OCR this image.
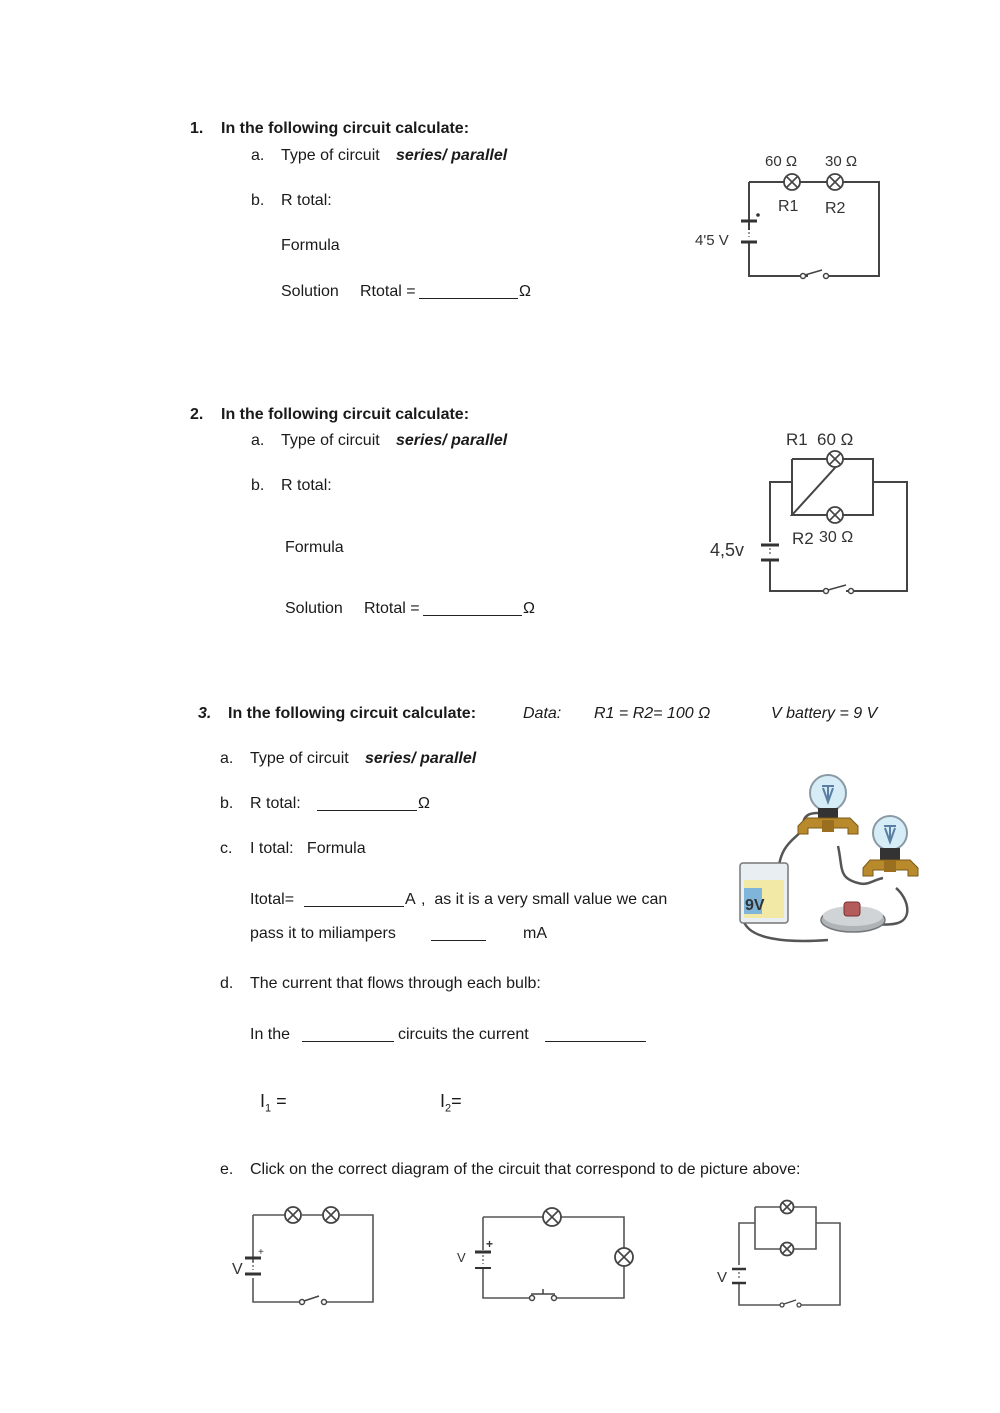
1. In the following circuit calculate:
a. Type of circuit series/ parallel
b. R total:
Formula
Solution Rtotal =	Ω
60 Ω 30 Ω
R1 R2
4'5 V
2. In the following circuit calculate:
a. Type of circuit series/ parallel
b. R total:
Formula
Solution Rtotal =	Ω
R1 60 Ω
R2 30 Ω
4,5v
3. In the following circuit calculate:	Data: R1 = R2= 100 Ω	V battery = 9 V
a. Type of circuit series/ parallel
b. R total:	Ω
c. I total:   Formula
Itotal=	A ,  as it is a very small value we can
pass it to miliampers	mA
d. The current that flows through each bulb:
In the	circuits the current
$I_1$ =	$I_2=$
e. Click on the correct diagram of the circuit that correspond to de picture above:
9V
+
V
+
V
V
